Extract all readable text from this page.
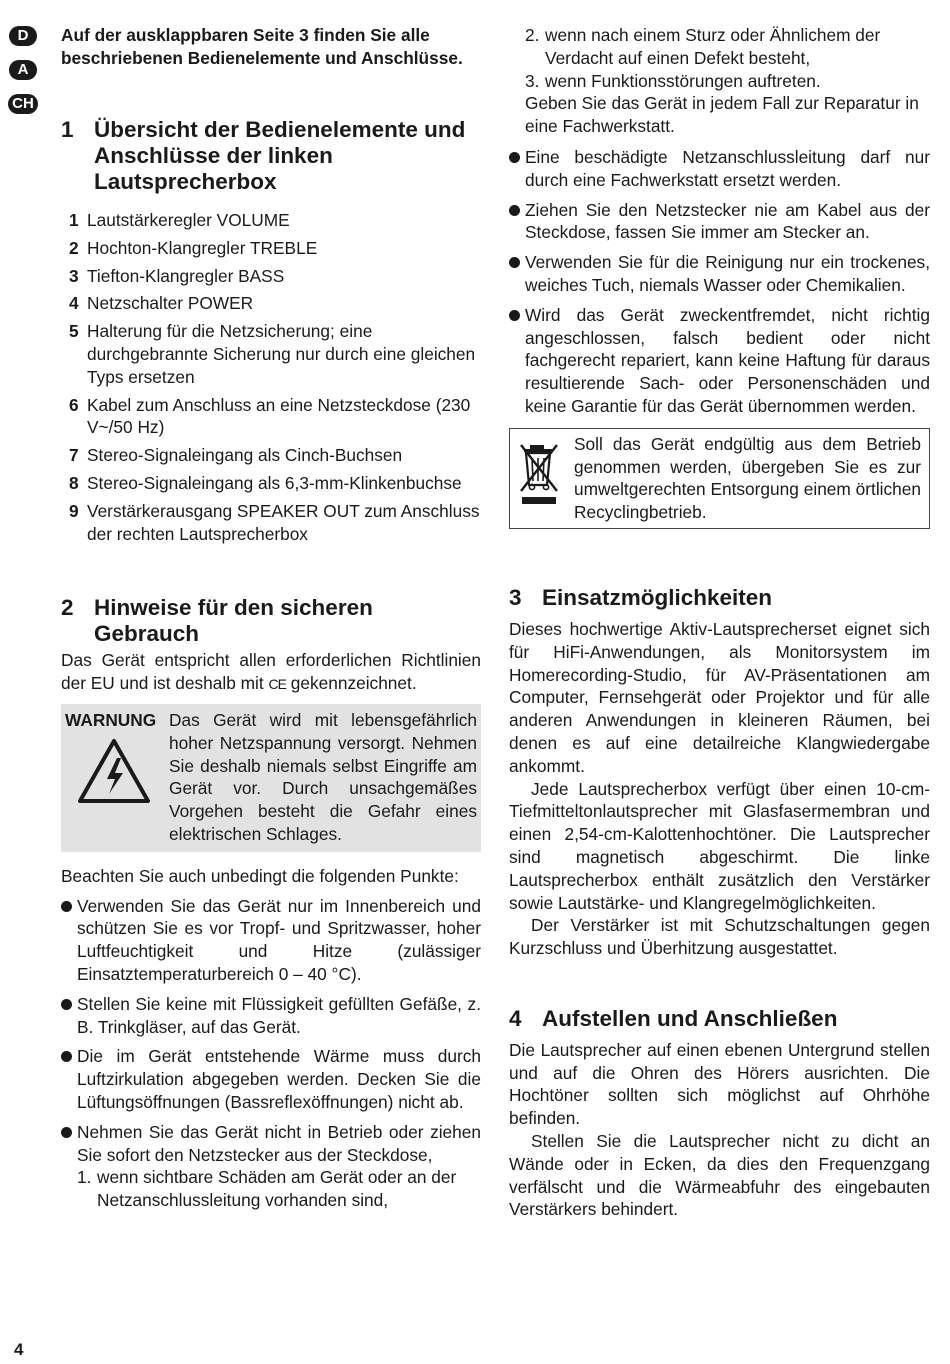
D
A
CH

Auf der ausklappbaren Seite 3 finden Sie alle beschriebenen Bedienelemente und Anschlüsse.

1 Übersicht der Bedienelemente und Anschlüsse der linken Lautsprecherbox
1 Lautstärkeregler VOLUME
2 Hochton-Klangregler TREBLE
3 Tiefton-Klangregler BASS
4 Netzschalter POWER
5 Halterung für die Netzsicherung; eine durchgebrannte Sicherung nur durch eine gleichen Typs ersetzen
6 Kabel zum Anschluss an eine Netzsteckdose (230 V~/50 Hz)
7 Stereo-Signaleingang als Cinch-Buchsen
8 Stereo-Signaleingang als 6,3-mm-Klinkenbuchse
9 Verstärkerausgang SPEAKER OUT zum Anschluss der rechten Lautsprecherbox
2 Hinweise für den sicheren Gebrauch

Das Gerät entspricht allen erforderlichen Richtlinien der EU und ist deshalb mit CE gekennzeichnet.

WARNUNG Das Gerät wird mit lebensgefährlich hoher Netzspannung versorgt. Nehmen Sie deshalb niemals selbst Eingriffe am Gerät vor. Durch unsachgemäßes Vorgehen besteht die Gefahr eines elektrischen Schlages.

Beachten Sie auch unbedingt die folgenden Punkte:

Verwenden Sie das Gerät nur im Innenbereich und schützen Sie es vor Tropf- und Spritzwasser, hoher Luftfeuchtigkeit und Hitze (zulässiger Einsatztemperaturbereich 0 – 40 °C).
Stellen Sie keine mit Flüssigkeit gefüllten Gefäße, z. B. Trinkgläser, auf das Gerät.
Die im Gerät entstehende Wärme muss durch Luftzirkulation abgegeben werden. Decken Sie die Lüftungsöffnungen (Bassreflexöffnungen) nicht ab.
Nehmen Sie das Gerät nicht in Betrieb oder ziehen Sie sofort den Netzstecker aus der Steckdose,
1. wenn sichtbare Schäden am Gerät oder an der Netzanschlussleitung vorhanden sind,
2. wenn nach einem Sturz oder Ähnlichem der Verdacht auf einen Defekt besteht,
3. wenn Funktionsstörungen auftreten.

Geben Sie das Gerät in jedem Fall zur Reparatur in eine Fachwerkstatt.

Eine beschädigte Netzanschlussleitung darf nur durch eine Fachwerkstatt ersetzt werden.
Ziehen Sie den Netzstecker nie am Kabel aus der Steckdose, fassen Sie immer am Stecker an.
Verwenden Sie für die Reinigung nur ein trockenes, weiches Tuch, niemals Wasser oder Chemikalien.
Wird das Gerät zweckentfremdet, nicht richtig angeschlossen, falsch bedient oder nicht fachgerecht repariert, kann keine Haftung für daraus resultierende Sach- oder Personenschäden und keine Garantie für das Gerät übernommen werden.
Soll das Gerät endgültig aus dem Betrieb genommen werden, übergeben Sie es zur umweltgerechten Entsorgung einem örtlichen Recyclingbetrieb.
3 Einsatzmöglichkeiten

Dieses hochwertige Aktiv-Lautsprecherset eignet sich für HiFi-Anwendungen, als Monitorsystem im Homerecording-Studio, für AV-Präsentationen am Computer, Fernsehgerät oder Projektor und für alle anderen Anwendungen in kleineren Räumen, bei denen es auf eine detailreiche Klangwiedergabe ankommt.

Jede Lautsprecherbox verfügt über einen 10-cm-Tiefmitteltonlautsprecher mit Glasfasermembran und einen 2,54-cm-Kalottenhochtöner. Die Lautsprecher sind magnetisch abgeschirmt. Die linke Lautsprecherbox enthält zusätzlich den Verstärker sowie Lautstärke- und Klangregelmöglichkeiten.

Der Verstärker ist mit Schutzschaltungen gegen Kurzschluss und Überhitzung ausgestattet.

4 Aufstellen und Anschließen

Die Lautsprecher auf einen ebenen Untergrund stellen und auf die Ohren des Hörers ausrichten. Die Hochtöner sollten sich möglichst auf Ohrhöhe befinden.

Stellen Sie die Lautsprecher nicht zu dicht an Wände oder in Ecken, da dies den Frequenzgang verfälscht und die Wärmeabfuhr des eingebauten Verstärkers behindert.

4
